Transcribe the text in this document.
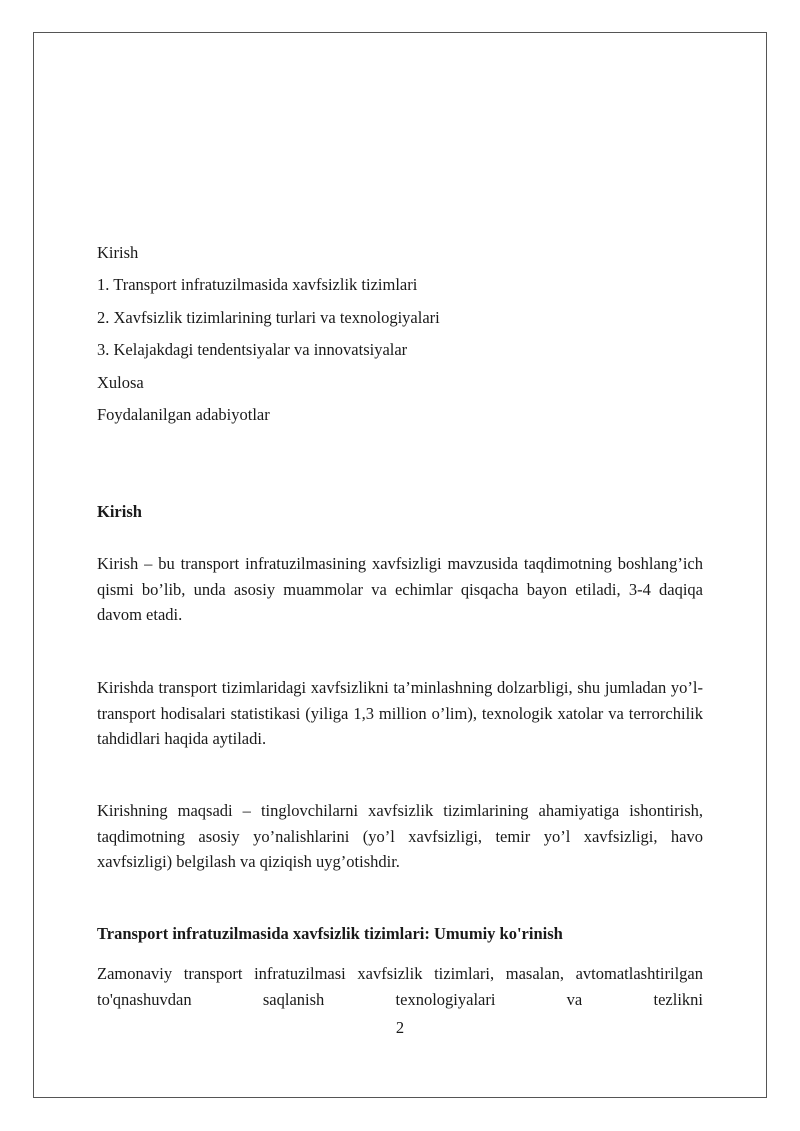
Kirish
1. Transport infratuzilmasida xavfsizlik tizimlari
2. Xavfsizlik tizimlarining turlari va texnologiyalari
3. Kelajakdagi tendentsiyalar va innovatsiyalar
Xulosa
Foydalanilgan adabiyotlar
Kirish

Kirish – bu transport infratuzilmasining xavfsizligi mavzusida taqdimotning boshlang’ich qismi bo’lib, unda asosiy muammolar va echimlar qisqacha bayon etiladi, 3-4 daqiqa davom etadi.

Kirishda transport tizimlaridagi xavfsizlikni ta’minlashning dolzarbligi, shu jumladan yo’l-transport hodisalari statistikasi (yiliga 1,3 million o’lim), texnologik xatolar va terrorchilik tahdidlari haqida aytiladi.

Kirishning maqsadi – tinglovchilarni xavfsizlik tizimlarining ahamiyatiga ishontirish, taqdimotning asosiy yo’nalishlarini (yo’l xavfsizligi, temir yo’l xavfsizligi, havo xavfsizligi) belgilash va qiziqish uyg’otishdir.

Transport infratuzilmasida xavfsizlik tizimlari: Umumiy ko'rinish

Zamonaviy transport infratuzilmasi xavfsizlik tizimlari, masalan, avtomatlashtirilgan to'qnashuvdan saqlanish texnologiyalari va tezlikni

2
